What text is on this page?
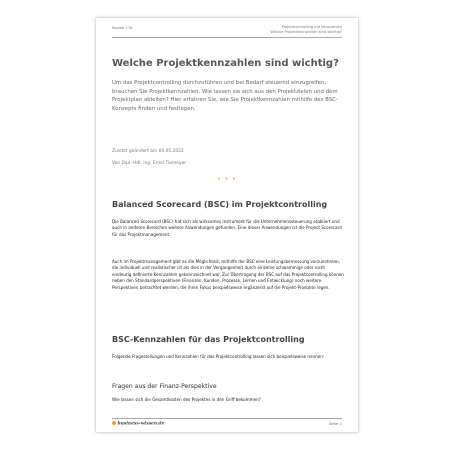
Kapitel 176	Projektcontrolling mit Kennzahlen
Welche Projektkennzahlen sind wichtig?
Welche Projektkennzahlen sind wichtig?
Um das Projektcontrolling durchzuführen und bei Bedarf steuernd einzugreifen, brauchen Sie Projektkennzahlen. Wie lassen sie sich aus den Projektzielen und dem Projektplan ableiten? Hier erfahren Sie, wie Sie Projektkennzahlen mithilfe des BSC-Konzepts finden und festlegen.
Zuletzt geändert am 04.05.2022
Von Dipl.-Hdl. Ing. Ernst Tiemeyer
• • •
Balanced Scorecard (BSC) im Projektcontrolling
Die Balanced Scorecard (BSC) hat sich als wirksames Instrument für die Unternehmenssteuerung etabliert und auch in anderen Bereichen weitere Anwendungen gefunden. Eine dieser Anwendungen ist die Project Scorecard für das Projektmanagement.
Auch im Projektmanagement gibt es die Möglichkeit, mithilfe der BSC eine Leistungsbemessung vorzunehmen, die individuell und realistischer ist als dies in der Vergangenheit durch einzelne schwammige oder nicht eindeutig definierte Kennzahlen gekennzeichnet war. Zur Übertragung der BSC auf das Projektcontrolling können neben den Standardperspektiven (Finanzen, Kunden, Prozesse, Lernen und Entwicklung) noch weitere Perspektiven betrachtet werden, die ihren Fokus beispielsweise ergänzend auf die Projekt-Produkte legen.
BSC-Kennzahlen für das Projektcontrolling
Folgende Fragestellungen und Kennzahlen für das Projektcontrolling lassen sich beispielsweise nennen:
Fragen aus der Finanz-Perspektive
Wie lassen sich die Gesamtkosten des Projektes in den Griff bekommen?
business-wissen.de	Seite 2
